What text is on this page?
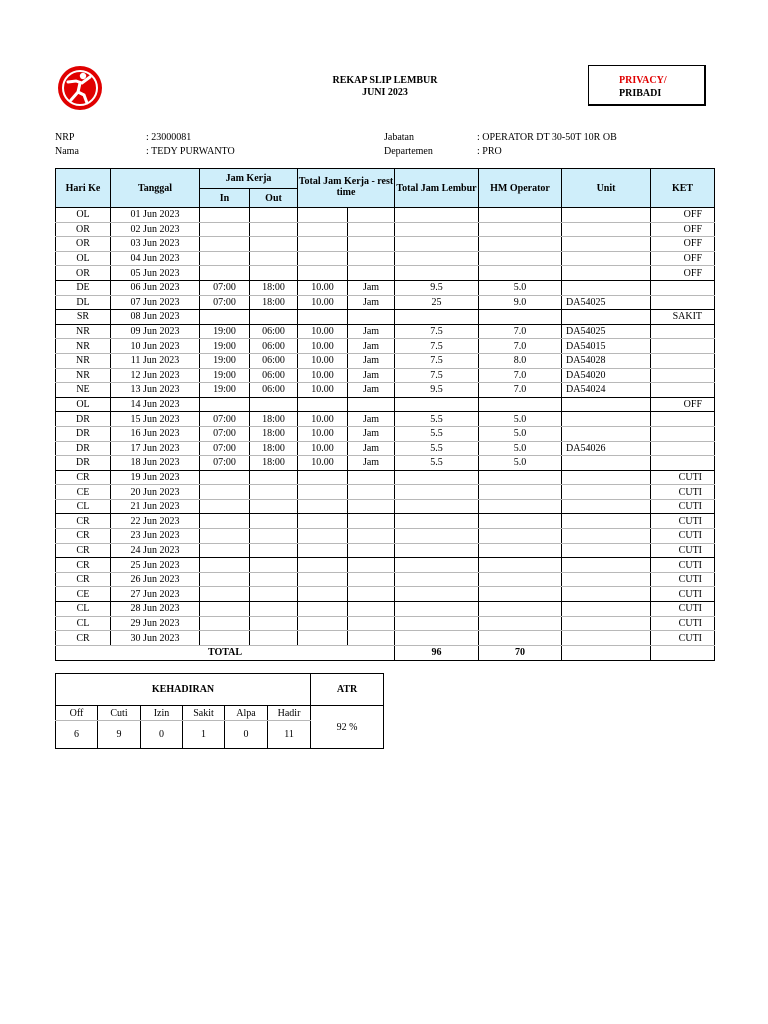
REKAP SLIP LEMBUR
JUNI 2023
PRIVACY/
PRIBADI
NRP	: 23000081
Nama	: TEDY PURWANTO
Jabatan	: OPERATOR DT 30-50T 10R OB
Departemen	: PRO
Hari Ke	Tanggal	Jam Kerja		Total Jam Kerja - rest time		Total Jam Lembur	HM Operator	Unit	KET
		In	Out						
OL	01 Jun 2023								OFF
OR	02 Jun 2023								OFF
OR	03 Jun 2023								OFF
OL	04 Jun 2023								OFF
OR	05 Jun 2023								OFF
DE	06 Jun 2023	07:00	18:00	10.00	Jam	9.5	5.0		
DL	07 Jun 2023	07:00	18:00	10.00	Jam	25	9.0	DA54025	
SR	08 Jun 2023								SAKIT
NR	09 Jun 2023	19:00	06:00	10.00	Jam	7.5	7.0	DA54025	
NR	10 Jun 2023	19:00	06:00	10.00	Jam	7.5	7.0	DA54015	
NR	11 Jun 2023	19:00	06:00	10.00	Jam	7.5	8.0	DA54028	
NR	12 Jun 2023	19:00	06:00	10.00	Jam	7.5	7.0	DA54020	
NE	13 Jun 2023	19:00	06:00	10.00	Jam	9.5	7.0	DA54024	
OL	14 Jun 2023								OFF
DR	15 Jun 2023	07:00	18:00	10.00	Jam	5.5	5.0		
DR	16 Jun 2023	07:00	18:00	10.00	Jam	5.5	5.0		
DR	17 Jun 2023	07:00	18:00	10.00	Jam	5.5	5.0	DA54026	
DR	18 Jun 2023	07:00	18:00	10.00	Jam	5.5	5.0		
CR	19 Jun 2023								CUTI
CE	20 Jun 2023								CUTI
CL	21 Jun 2023								CUTI
CR	22 Jun 2023								CUTI
CR	23 Jun 2023								CUTI
CR	24 Jun 2023								CUTI
CR	25 Jun 2023								CUTI
CR	26 Jun 2023								CUTI
CE	27 Jun 2023								CUTI
CL	28 Jun 2023								CUTI
CL	29 Jun 2023								CUTI
CR	30 Jun 2023								CUTI
TOTAL						96	70		
KEHADIRAN						ATR
Off	Cuti	Izin	Sakit	Alpa	Hadir	92 %
6	9	0	1	0	11	
